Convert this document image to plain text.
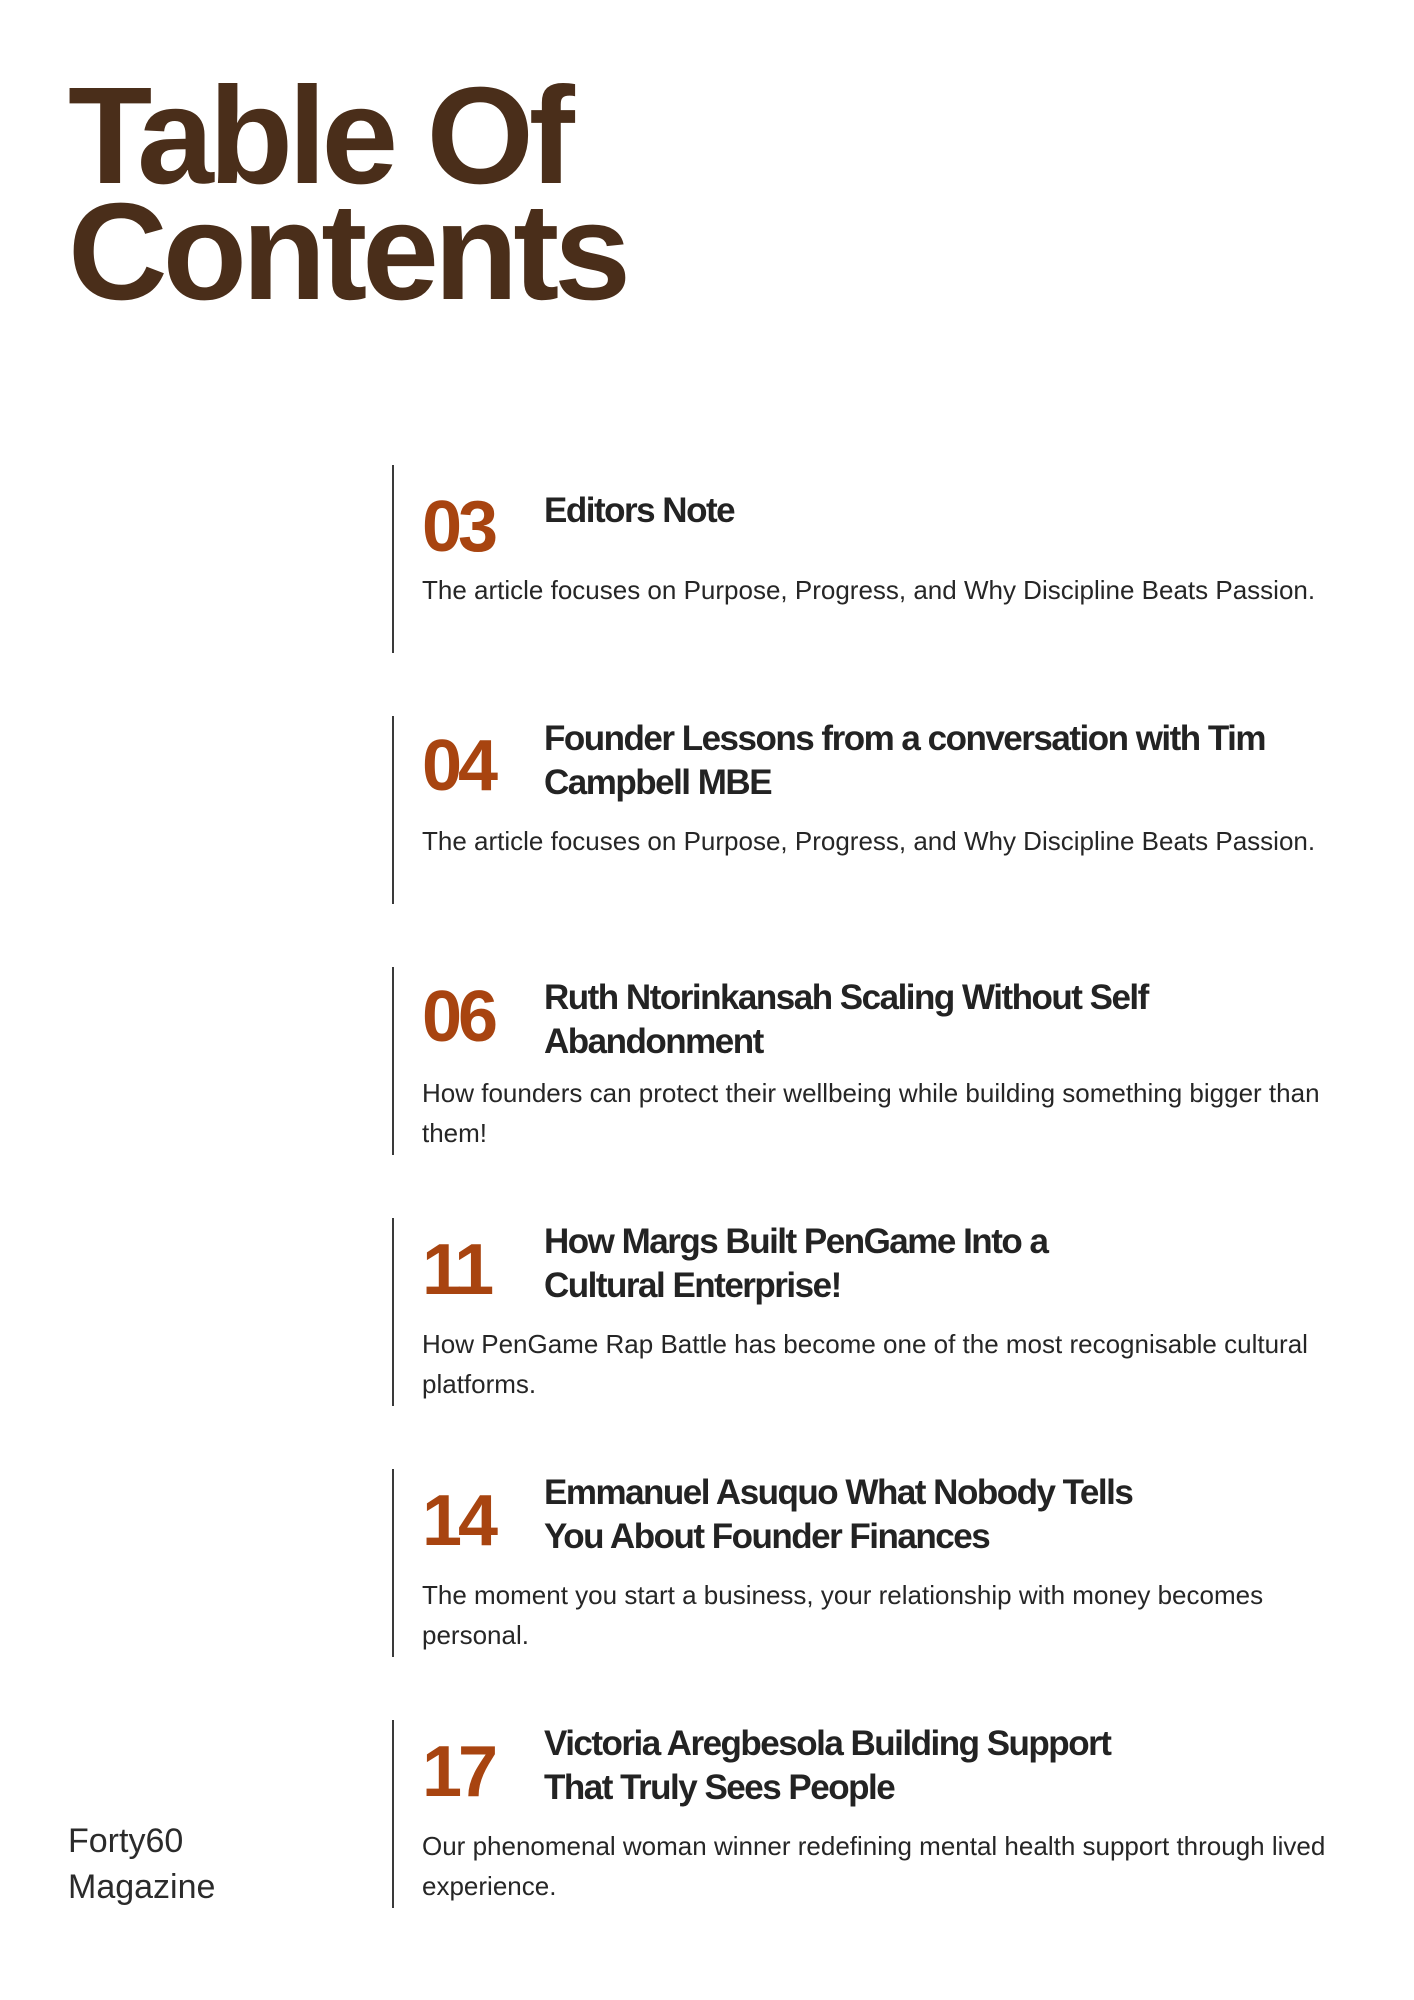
Table Of
Contents
03 Editors Note
The article focuses on Purpose, Progress, and Why Discipline Beats Passion.
04 Founder Lessons from a conversation with Tim Campbell MBE
The article focuses on Purpose, Progress, and Why Discipline Beats Passion.
06 Ruth Ntorinkansah Scaling Without Self Abandonment
How founders can protect their wellbeing while building something bigger than them!
11 How Margs Built PenGame Into a Cultural Enterprise!
How PenGame Rap Battle has become one of the most recognisable cultural platforms.
14 Emmanuel Asuquo What Nobody Tells You About Founder Finances
The moment you start a business, your relationship with money becomes personal.
17 Victoria Aregbesola Building Support That Truly Sees People
Our phenomenal woman winner redefining mental health support through lived experience.
Forty60
Magazine
